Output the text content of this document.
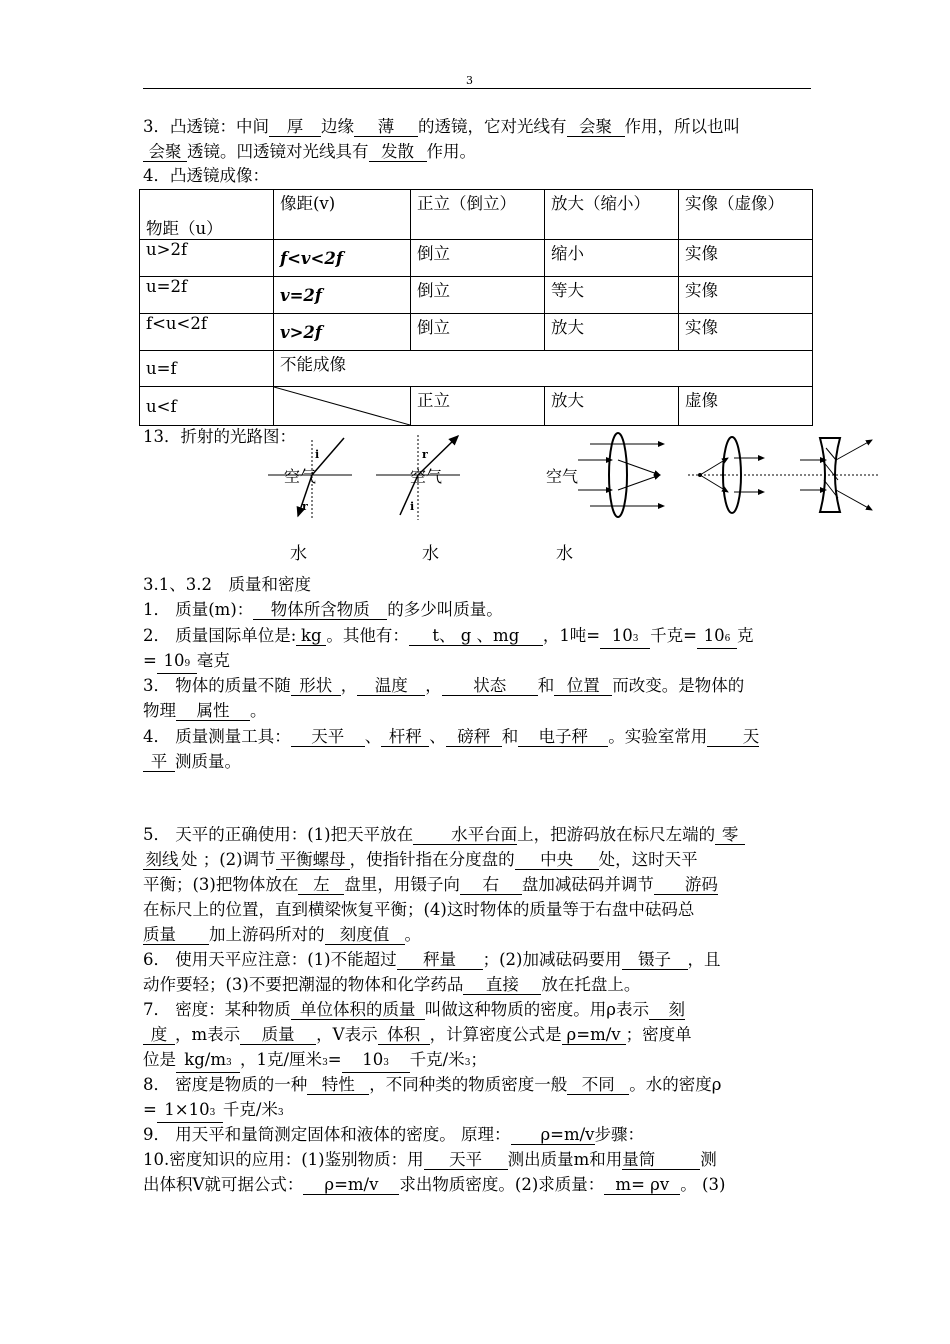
3
3．凸透镜：中间 厚 边缘 薄 的透镜，它对光线有 会聚 作用，所以也叫
会聚 透镜。凹透镜对光线具有 发散 作用。
4．凸透镜成像：
物距（u）	像距(v)	正立（倒立）	放大（缩小）	实像（虚像）
u>2f	f<v<2f	倒立	缩小	实像
u=2f	v=2f	倒立	等大	实像
f<u<2f	v>2f	倒立	放大	实像
u=f	不能成像			
u<f		正立	放大	虚像
13．折射的光路图：
空气
i
r
空气
r
i
空气
水	水	水
3.1、3.2　质量和密度
1． 质量(m)： 物体所含物质 的多少叫质量。
2． 质量国际单位是: kg 。其他有： t、 g 、mg ，1吨= 103 千克= 106 克
= 109 毫克
3． 物体的质量不随 形状 ， 温度 ， 状态 和 位置 而改变。是物体的
物理 属性 。
4． 质量测量工具： 天平 、 杆秤 、 磅秤 和 电子秤 。实验室常用 天
平 测质量。
5． 天平的正确使用：(1)把天平放在 水平台面上，把游码放在标尺左端的 零
刻线 处 ；(2)调节 平衡螺母 ，使指针指在分度盘的 中央 处，这时天平
平衡；(3)把物体放在 左 盘里，用镊子向 右 盘加减砝码并调节 游码
在标尺上的位置，直到横梁恢复平衡；(4)这时物体的质量等于右盘中砝码总
质量 加上游码所对的 刻度值 。
6． 使用天平应注意：(1)不能超过 秤量 ；(2)加减砝码要用 镊子 ，且
动作要轻；(3)不要把潮湿的物体和化学药品 直接 放在托盘上。
7． 密度：某种物质 单位体积的质量 叫做这种物质的密度。用ρ表示 刻
度 ，m表示 质量 ，V表示 体积 ，计算密度公式是 ρ=m/v ；密度单
位是 kg/m3 ，1克/厘米3= 103 千克/米3；
8． 密度是物质的一种 特性 ，不同种类的物质密度一般 不同 。水的密度ρ
= 1×103 千克/米3
9． 用天平和量筒测定固体和液体的密度。 原理： ρ=m/v步骤：
10.密度知识的应用：(1)鉴别物质：用 天平 测出质量m和用量筒	测
出体积V就可据公式： ρ=m/v 求出物质密度。(2)求质量： m= ρv 。 (3)
